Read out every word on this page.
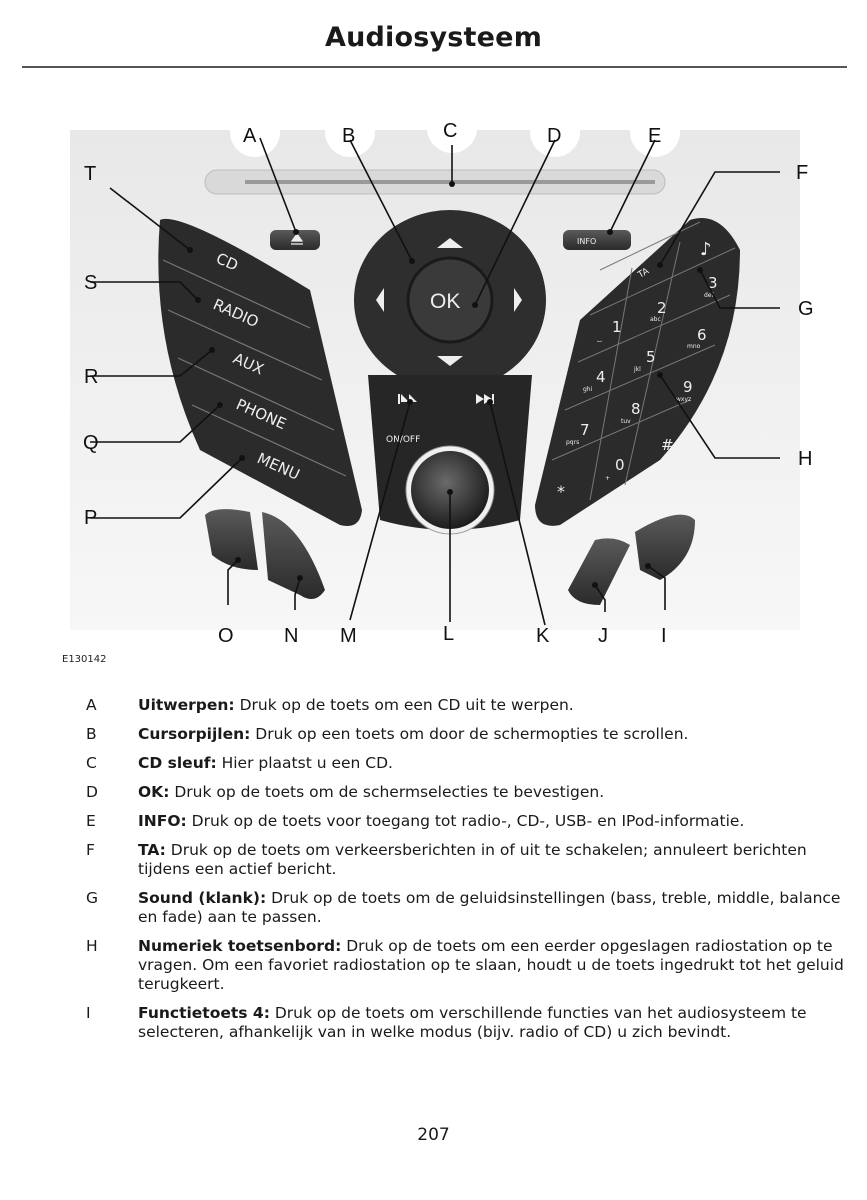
Audiosysteem
INFO
CD
RADIO
AUX
PHONE
MENU
TA
♪
1
2
3
4
5
6
7
8
9
*
0
#
⌴
abc
def
ghi
jkl
mno
pqrs
tuv
wxyz
+
OK
ON/OFF
A	B	C	D	E
F
G
H
I
J
K
L
M
N
O
P
Q
R
S
T
E130142
A	Uitwerpen: Druk op de toets om een CD uit te werpen.
B	Cursorpijlen: Druk op een toets om door de schermopties te scrollen.
C	CD sleuf: Hier plaatst u een CD.
D	OK: Druk op de toets om de schermselecties te bevestigen.
E	INFO: Druk op de toets voor toegang tot radio-, CD-, USB- en IPod-informatie.
F	TA: Druk op de toets om verkeersberichten in of uit te schakelen; annuleert berichten tijdens een actief bericht.
G	Sound (klank): Druk op de toets om de geluidsinstellingen (bass, treble, middle, balance en fade) aan te passen.
H	Numeriek toetsenbord: Druk op de toets om een eerder opgeslagen radiostation op te vragen. Om een favoriet radiostation op te slaan, houdt u de toets ingedrukt tot het geluid terugkeert.
I	Functietoets 4: Druk op de toets om verschillende functies van het audiosysteem te selecteren, afhankelijk van in welke modus (bijv. radio of CD) u zich bevindt.
207
